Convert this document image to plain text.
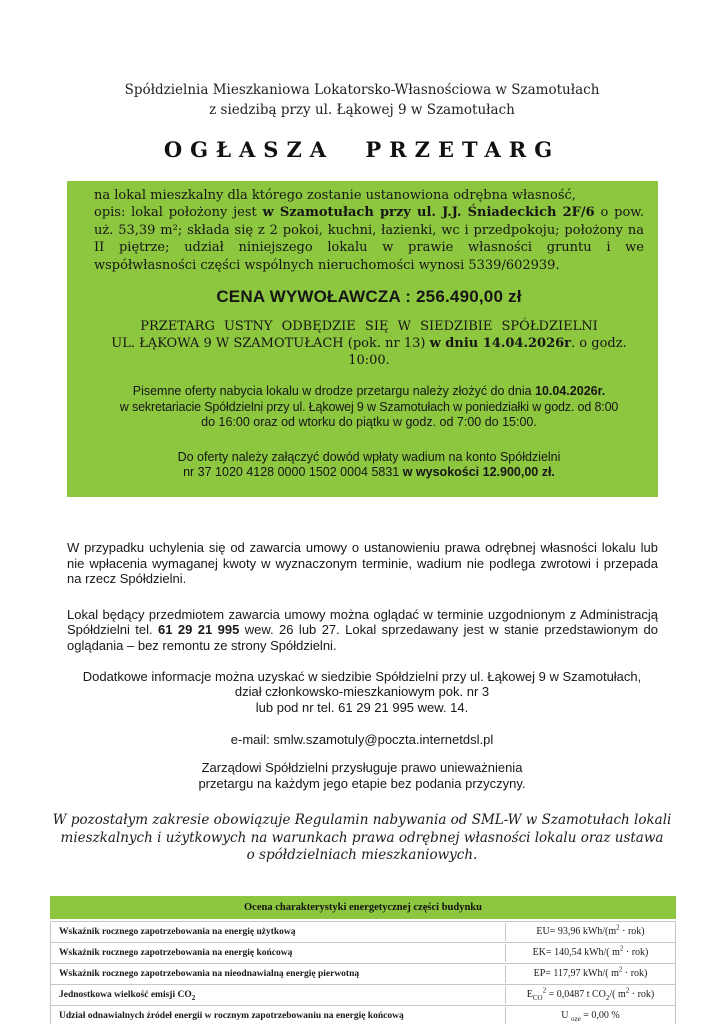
Spółdzielnia Mieszkaniowa Lokatorsko-Własnościowa w Szamotułach
z siedzibą przy ul. Łąkowej 9 w Szamotułach
OGŁASZA PRZETARG
na lokal mieszkalny dla którego zostanie ustanowiona odrębna własność,
opis: lokal położony jest w Szamotułach przy ul. J.J. Śniadeckich 2F/6 o pow. uż. 53,39 m²; składa się z 2 pokoi, kuchni, łazienki, wc i przedpokoju; położony na II piętrze; udział niniejszego lokalu w prawie własności gruntu i we współwłasności części wspólnych nieruchomości wynosi 5339/602939.
CENA WYWOŁAWCZA : 256.490,00 zł
PRZETARG USTNY ODBĘDZIE SIĘ W SIEDZIBIE SPÓŁDZIELNI
UL. ŁĄKOWA 9 W SZAMOTUŁACH (pok. nr 13) w dniu 14.04.2026r. o godz. 10:00.
Pisemne oferty nabycia lokalu w drodze przetargu należy złożyć do dnia 10.04.2026r.
w sekretariacie Spółdzielni przy ul. Łąkowej 9 w Szamotułach w poniedziałki w godz. od 8:00
do 16:00 oraz od wtorku do piątku w godz. od 7:00 do 15:00.
Do oferty należy załączyć dowód wpłaty wadium na konto Spółdzielni
nr 37 1020 4128 0000 1502 0004 5831 w wysokości 12.900,00 zł.
W przypadku uchylenia się od zawarcia umowy o ustanowieniu prawa odrębnej własności lokalu lub nie wpłacenia wymaganej kwoty w wyznaczonym terminie, wadium nie podlega zwrotowi i przepada na rzecz Spółdzielni.
Lokal będący przedmiotem zawarcia umowy można oglądać w terminie uzgodnionym z Administracją Spółdzielni tel. 61 29 21 995 wew. 26 lub 27. Lokal sprzedawany jest w stanie przedstawionym do oglądania – bez remontu ze strony Spółdzielni.
Dodatkowe informacje można uzyskać w siedzibie Spółdzielni przy ul. Łąkowej 9 w Szamotułach,
dział członkowsko-mieszkaniowym pok. nr 3
lub pod nr tel. 61 29 21 995 wew. 14.
e-mail: smlw.szamotuly@poczta.internetdsl.pl
Zarządowi Spółdzielni przysługuje prawo unieważnienia
przetargu na każdym jego etapie bez podania przyczyny.
W pozostałym zakresie obowiązuje Regulamin nabywania od SML-W w Szamotułach lokali
mieszkalnych i użytkowych na warunkach prawa odrębnej własności lokalu oraz ustawa
o spółdzielniach mieszkaniowych.
Ocena charakterystyki energetycznej części budynku
Wskaźnik rocznego zapotrzebowania na energię użytkową	EU= 93,96 kWh/$(m^2 \cdot rok)$
Wskaźnik rocznego zapotrzebowania na energię końcową	EK= 140,54 kWh/( $m^2 \cdot rok$)
Wskaźnik rocznego zapotrzebowania na nieodnawialną energię pierwotną	EP= 117,97 kWh/( $m^2 \cdot rok$)
Jednostkowa wielkość emisji $CO_2$	$E_{CO}^2 = 0,0487$ t $CO_2/$( $m^2 \cdot rok$)
Udział odnawialnych źródeł energii w rocznym zapotrzebowaniu na energię końcową	U $_{oze}$ = 0,00 %
